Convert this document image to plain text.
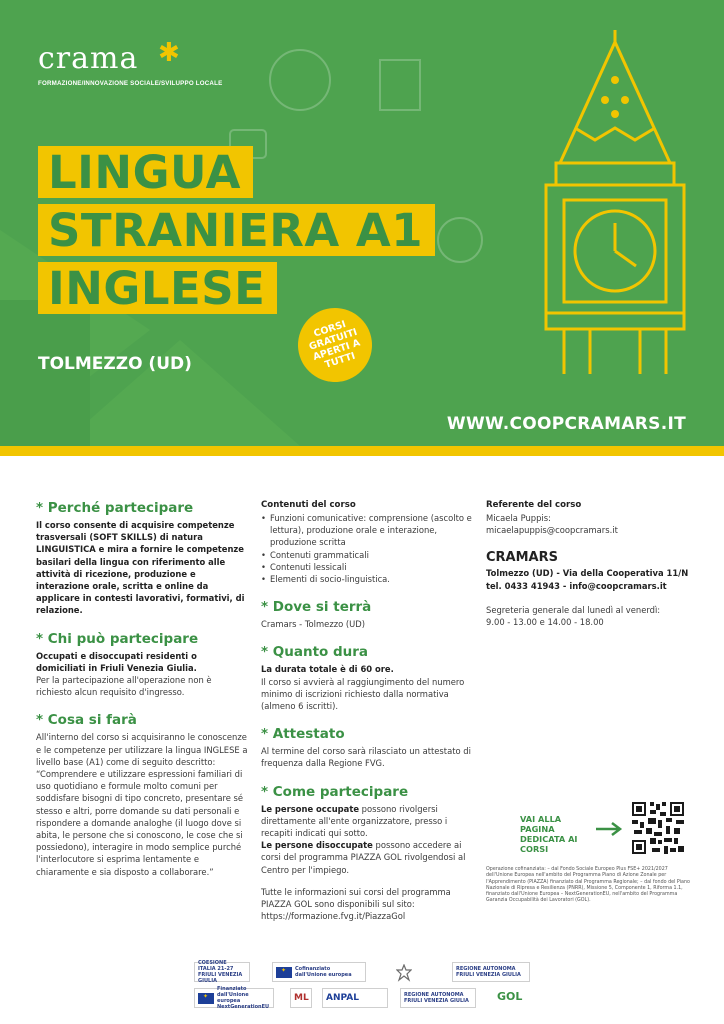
crama ✱
FORMAZIONE/INNOVAZIONE SOCIALE/SVILUPPO LOCALE
LINGUA
STRANIERA A1
INGLESE
TOLMEZZO (UD)
CORSI GRATUITI APERTI A TUTTI
WWW.COOPCRAMARS.IT
* Perché partecipare
Il corso consente di acquisire competenze trasversali (SOFT SKILLS) di natura LINGUISTICA e mira a fornire le competenze basilari della lingua con riferimento alle attività di ricezione, produzione e interazione orale, scritta e online da applicare in contesti lavorativi, formativi, di relazione.
* Chi può partecipare
Occupati e disoccupati residenti o domiciliati in Friuli Venezia Giulia.
Per la partecipazione all'operazione non è richiesto alcun requisito d'ingresso.
* Cosa si farà
All'interno del corso si acquisiranno le conoscenze e le competenze per utilizzare la lingua INGLESE a livello base (A1) come di seguito descritto: “Comprendere e utilizzare espressioni familiari di uso quotidiano e formule molto comuni per soddisfare bisogni di tipo concreto, presentare sé stesso e altri, porre domande su dati personali e rispondere a domande analoghe (il luogo dove si abita, le persone che si conoscono, le cose che si possiedono), interagire in modo semplice purché l'interlocutore si esprima lentamente e chiaramente e sia disposto a collaborare.”
Contenuti del corso
• Funzioni comunicative: comprensione (ascolto e lettura), produzione orale e interazione, produzione scritta
• Contenuti grammaticali
• Contenuti lessicali
• Elementi di socio-linguistica.
* Dove si terrà
Cramars - Tolmezzo (UD)
* Quanto dura
La durata totale è di 60 ore.
Il corso si avvierà al raggiungimento del numero minimo di iscrizioni richiesto dalla normativa (almeno 6 iscritti).
* Attestato
Al termine del corso sarà rilasciato un attestato di frequenza dalla Regione FVG.
* Come partecipare
Le persone occupate possono rivolgersi direttamente all'ente organizzatore, presso i recapiti indicati qui sotto.
Le persone disoccupate possono accedere ai corsi del programma PIAZZA GOL rivolgendosi al Centro per l'impiego.
Tutte le informazioni sui corsi del programma PIAZZA GOL sono disponibili sul sito: https://formazione.fvg.it/PiazzaGol
Referente del corso
Micaela Puppis:
micaelapuppis@coopcramars.it
CRAMARS
Tolmezzo (UD) - Via della Cooperativa 11/N
tel. 0433 41943 - info@coopcramars.it
Segreteria generale dal lunedì al venerdì:
9.00 - 13.00 e 14.00 - 18.00
VAI ALLA PAGINA DEDICATA AI CORSI
Operazione cofinanziata: – dal Fondo Sociale Europeo Plus FSE+ 2021/2027 dell'Unione Europea nell'ambito del Programma Piano di Azione Zonale per l'Apprendimento (PIAZZA) finanziato dal Programma Regionale; – dal fondo del Piano Nazionale di Ripresa e Resilienza (PNRR), Missione 5, Componente 1, Riforma 1.1, finanziato dall'Unione Europea – NextGenerationEU, nell'ambito del Programma Garanzia Occupabilità dei Lavoratori (GOL).
COESIONE ITALIA 21-27 FRIULI VENEZIA GIULIA
✦
Cofinanziato dall'Unione europea
REGIONE AUTONOMA FRIULI VENEZIA GIULIA
✦
Finanziato dall'Unione europea NextGenerationEU
ML ANPAL	REGIONE AUTONOMA FRIULI VENEZIA GIULIA	GOL
